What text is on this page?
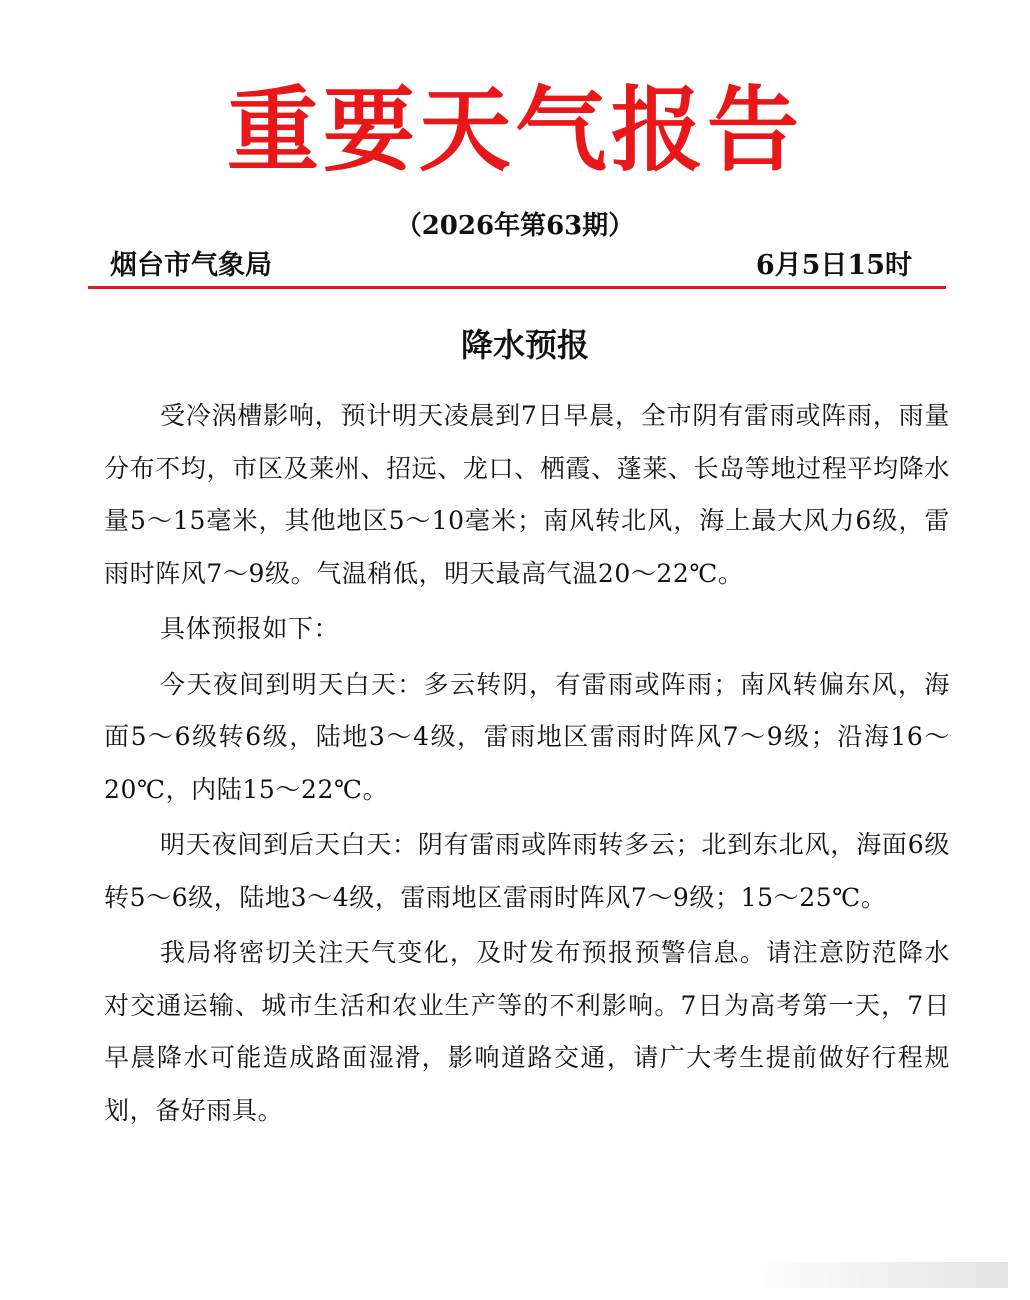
重要天气报告
（2026年第63期）
烟台市气象局	6月5日15时
降水预报

受冷涡槽影响，预计明天凌晨到7日早晨，全市阴有雷雨或阵雨，雨量分布不均，市区及莱州、招远、龙口、栖霞、蓬莱、长岛等地过程平均降水量5～15毫米，其他地区5～10毫米；南风转北风，海上最大风力6级，雷雨时阵风7～9级。气温稍低，明天最高气温20～22℃。

具体预报如下：

今天夜间到明天白天：多云转阴，有雷雨或阵雨；南风转偏东风，海面5～6级转6级，陆地3～4级，雷雨地区雷雨时阵风7～9级；沿海16～20℃，内陆15～22℃。

明天夜间到后天白天：阴有雷雨或阵雨转多云；北到东北风，海面6级转5～6级，陆地3～4级，雷雨地区雷雨时阵风7～9级；15～25℃。

我局将密切关注天气变化，及时发布预报预警信息。请注意防范降水对交通运输、城市生活和农业生产等的不利影响。7日为高考第一天，7日早晨降水可能造成路面湿滑，影响道路交通，请广大考生提前做好行程规划，备好雨具。
